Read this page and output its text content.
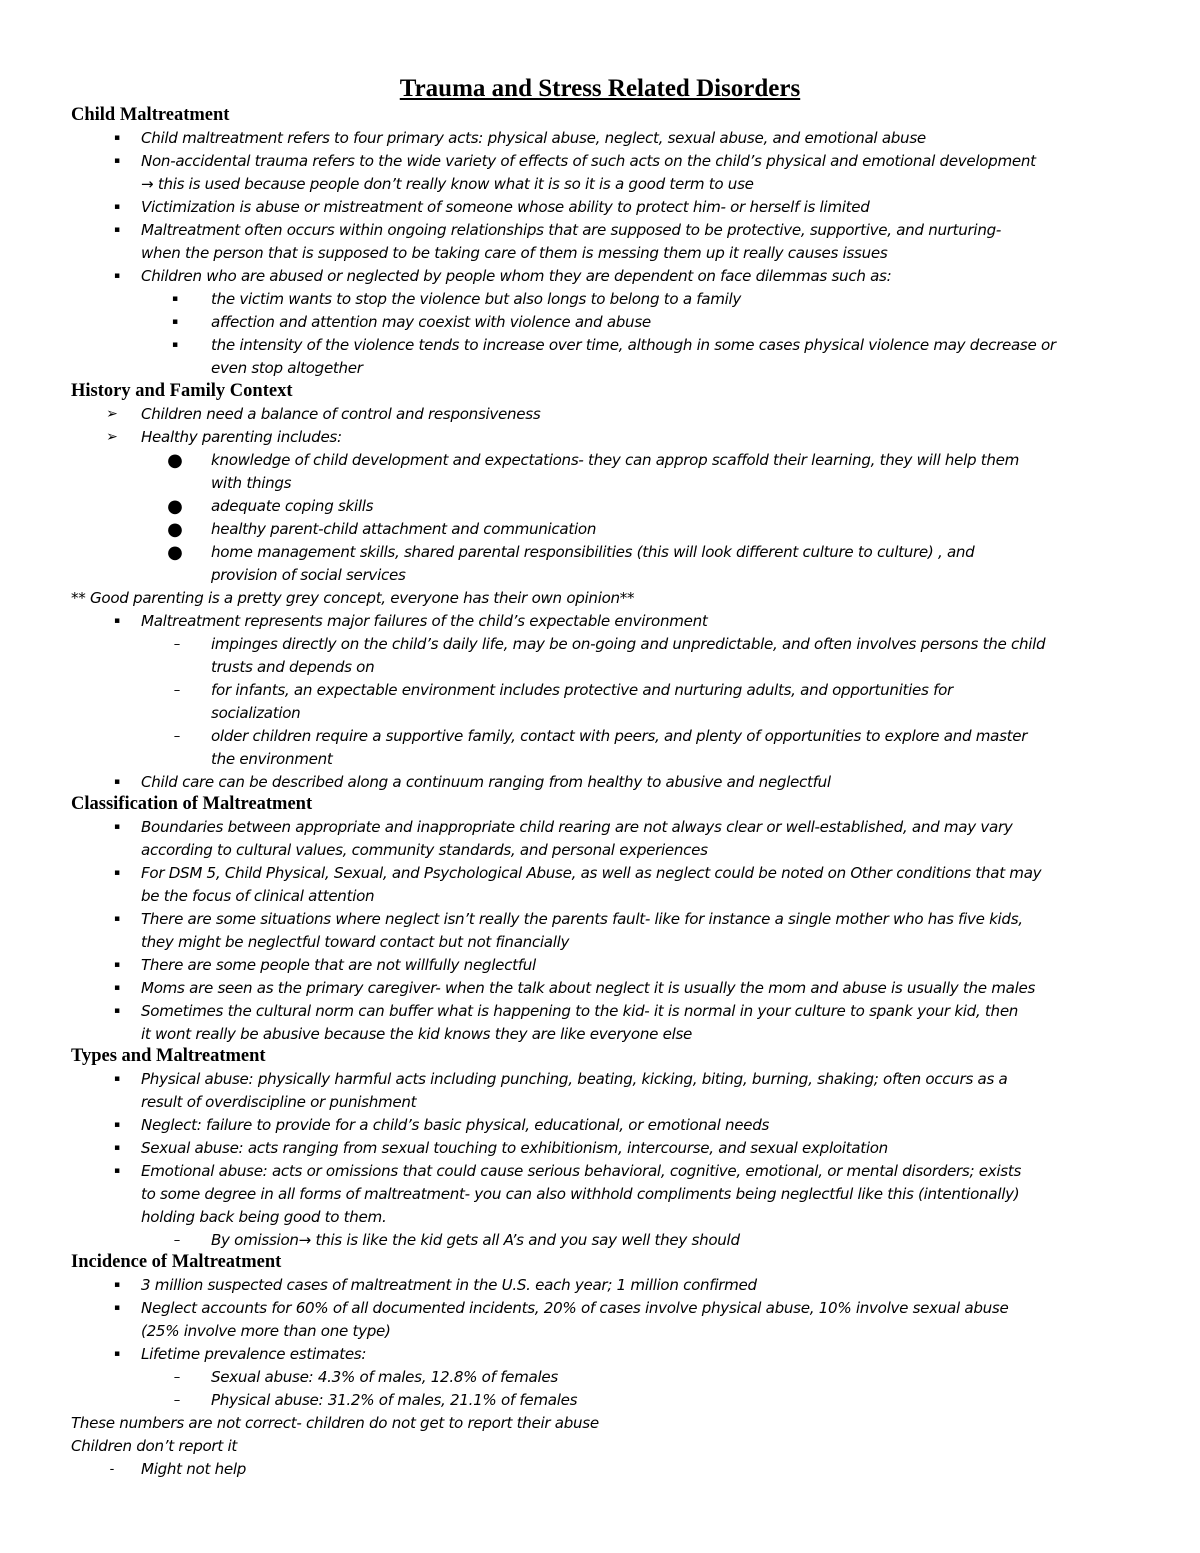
Trauma and Stress Related Disorders
Child Maltreatment
▪	Child maltreatment refers to four primary acts: physical abuse, neglect, sexual abuse, and emotional abuse
▪	Non-accidental trauma refers to the wide variety of effects of such acts on the child’s physical and emotional development
→ this is used because people don’t really know what it is so it is a good term to use
▪	Victimization is abuse or mistreatment of someone whose ability to protect him- or herself is limited
▪	Maltreatment often occurs within ongoing relationships that are supposed to be protective, supportive, and nurturing-
when the person that is supposed to be taking care of them is messing them up it really causes issues
▪	Children who are abused or neglected by people whom they are dependent on face dilemmas such as:
▪	the victim wants to stop the violence but also longs to belong to a family
▪	affection and attention may coexist with violence and abuse
▪	the intensity of the violence tends to increase over time, although in some cases physical violence may decrease or
even stop altogether
History and Family Context
➢ Children need a balance of control and responsiveness
➢ Healthy parenting includes:
● knowledge of child development and expectations- they can approp scaffold their learning, they will help them
with things
● adequate coping skills
● healthy parent-child attachment and communication
● home management skills, shared parental responsibilities (this will look different culture to culture) , and
provision of social services
** Good parenting is a pretty grey concept, everyone has their own opinion**
▪	Maltreatment represents major failures of the child’s expectable environment
–	impinges directly on the child’s daily life, may be on-going and unpredictable, and often involves persons the child
trusts and depends on
–	for infants, an expectable environment includes protective and nurturing adults, and opportunities for
socialization
–	older children require a supportive family, contact with peers, and plenty of opportunities to explore and master
the environment
▪	Child care can be described along a continuum ranging from healthy to abusive and neglectful
Classification of Maltreatment
▪	Boundaries between appropriate and inappropriate child rearing are not always clear or well-established, and may vary
according to cultural values, community standards, and personal experiences
▪	For DSM 5, Child Physical, Sexual, and Psychological Abuse, as well as neglect could be noted on Other conditions that may
be the focus of clinical attention
▪	There are some situations where neglect isn’t really the parents fault- like for instance a single mother who has five kids,
they might be neglectful toward contact but not financially
▪	There are some people that are not willfully neglectful
▪	Moms are seen as the primary caregiver- when the talk about neglect it is usually the mom and abuse is usually the males
▪	Sometimes the cultural norm can buffer what is happening to the kid- it is normal in your culture to spank your kid, then
it wont really be abusive because the kid knows they are like everyone else
Types and Maltreatment
▪	Physical abuse: physically harmful acts including punching, beating, kicking, biting, burning, shaking; often occurs as a
result of overdiscipline or punishment
▪	Neglect: failure to provide for a child’s basic physical, educational, or emotional needs
▪	Sexual abuse: acts ranging from sexual touching to exhibitionism, intercourse, and sexual exploitation
▪	Emotional abuse: acts or omissions that could cause serious behavioral, cognitive, emotional, or mental disorders; exists
to some degree in all forms of maltreatment- you can also withhold compliments being neglectful like this (intentionally)
holding back being good to them.
–	By omission→ this is like the kid gets all A’s and you say well they should
Incidence of Maltreatment
▪	3 million suspected cases of maltreatment in the U.S. each year; 1 million confirmed
▪	Neglect accounts for 60% of all documented incidents, 20% of cases involve physical abuse, 10% involve sexual abuse
(25% involve more than one type)
▪	Lifetime prevalence estimates:
–	Sexual abuse: 4.3% of males, 12.8% of females
–	Physical abuse: 31.2% of males, 21.1% of females
These numbers are not correct- children do not get to report their abuse
Children don’t report it
-	Might not help
